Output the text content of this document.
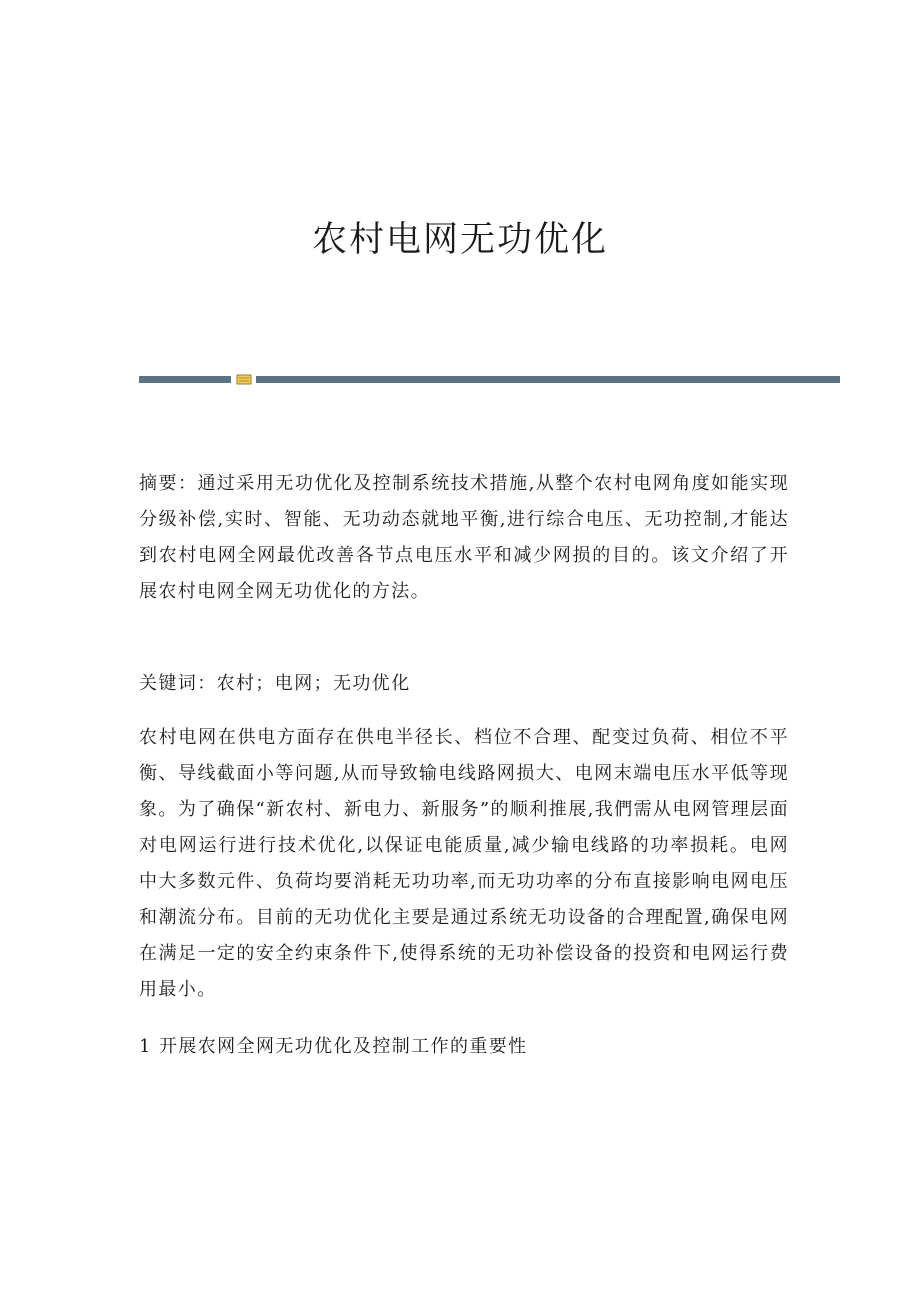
农村电网无功优化

摘要：通过采用无功优化及控制系统技术措施,从整个农村电网角度如能实现分级补偿,实时、智能、无功动态就地平衡,进行综合电压、无功控制,才能达到农村电网全网最优改善各节点电压水平和减少网损的目的。该文介绍了开展农村电网全网无功优化的方法。

关键词：农村；电网；无功优化

农村电网在供电方面存在供电半径长、档位不合理、配变过负荷、相位不平衡、导线截面小等问题,从而导致输电线路网损大、电网末端电压水平低等现象。为了确保“新农村、新电力、新服务”的顺利推展,我們需从电网管理层面对电网运行进行技术优化,以保证电能质量,减少输电线路的功率损耗。电网中大多数元件、负荷均要消耗无功功率,而无功功率的分布直接影响电网电压和潮流分布。目前的无功优化主要是通过系统无功设备的合理配置,确保电网在满足一定的安全约束条件下,使得系统的无功补偿设备的投资和电网运行费用最小。

1 开展农网全网无功优化及控制工作的重要性
